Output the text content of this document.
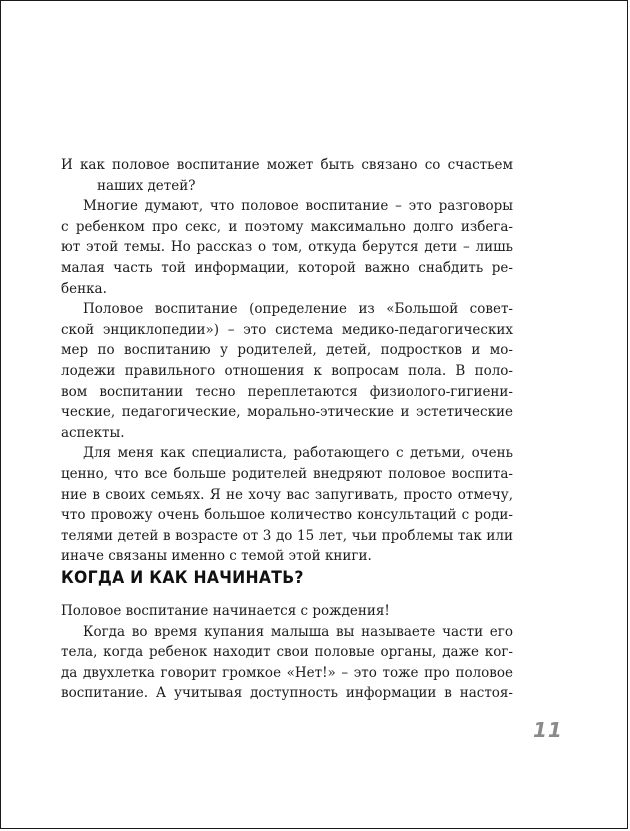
И как половое воспитание может быть связано со счастьем
наших детей?
Многие думают, что половое воспитание – это разговоры
с ребенком про секс, и поэтому максимально долго избега-
ют этой темы. Но рассказ о том, откуда берутся дети – лишь
малая часть той информации, которой важно снабдить ре-
бенка.
Половое воспитание (определение из «Большой совет-
ской энциклопедии») – это система медико-педагогических
мер по воспитанию у родителей, детей, подростков и мо-
лодежи правильного отношения к вопросам пола. В поло-
вом воспитании тесно переплетаются физиолого-гигиени-
ческие, педагогические, морально-этические и эстетические
аспекты.
Для меня как специалиста, работающего с детьми, очень
ценно, что все больше родителей внедряют половое воспита-
ние в своих семьях. Я не хочу вас запугивать, просто отмечу,
что провожу очень большое количество консультаций с роди-
телями детей в возрасте от 3 до 15 лет, чьи проблемы так или
иначе связаны именно с темой этой книги.
КОГДА И КАК НАЧИНАТЬ?
Половое воспитание начинается с рождения!
Когда во время купания малыша вы называете части его
тела, когда ребенок находит свои половые органы, даже ког-
да двухлетка говорит громкое «Нет!» – это тоже про половое
воспитание. А учитывая доступность информации в настоя-
11
